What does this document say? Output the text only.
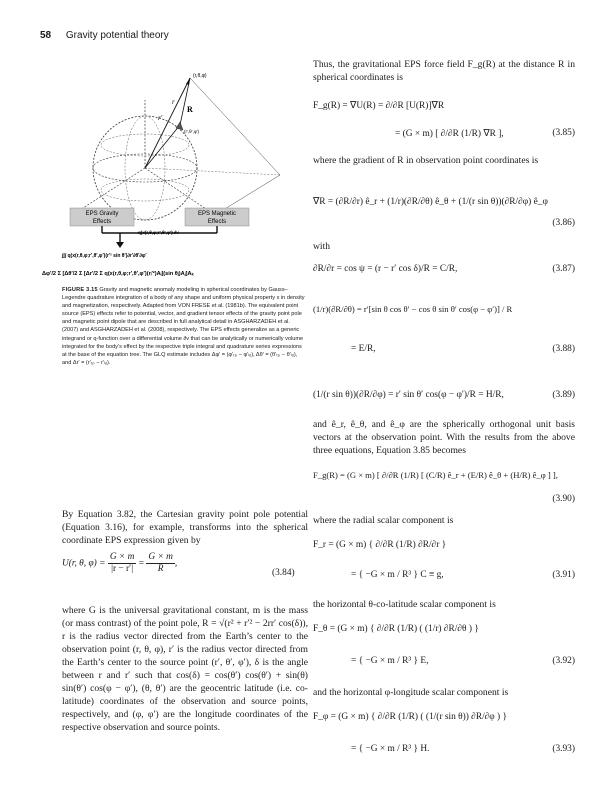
58 Gravity potential theory
(r,θ,φ)
r
r′
R
(r′,θ′,φ′)
EPS Gravity
Effects
EPS Magnetic
Effects
q(x(r,θ,φ;r′,θ′,φ′) ∂v
∫∫∫ q(x(r,θ,φ;r′,θ′,φ′)(r′² sin θ′)∂r′∂θ′∂φ′
Δφ′/2 Σ [Δθ′/2 Σ [Δr′/2 Σ q(x(r,θ,φ;r′,θ′,φ′)(rᵢ′²)Aᵢ](sin θⱼ)Aⱼ]Aₖ
FIGURE 3.15 Gravity and magnetic anomaly modeling in spherical coordinates by Gauss–Legendre quadrature integration of a body of any shape and uniform physical property x in density and magnetization, respectively. Adapted from VON FRESE et al. (1981b). The equivalent point source (EPS) effects refer to potential, vector, and gradient tensor effects of the gravity point pole and magnetic point dipole that are described in full analytical detail in ASGHARZADEH et al. (2007) and ASGHARZADEH et al. (2008), respectively. The EPS effects generalize as a generic integrand or q-function over a differential volume ∂v that can be analytically or numerically volume integrated for the body’s effect by the respective triple integral and quadrature series expressions at the base of the equation tree. The GLQ estimate includes Δφ′ = (φ′ₜₚ − φ′ₗₒ), Δθ′ = (θ′ₜₚ − θ′ₗₒ), and Δr′ = (r′ₜₚ − r′ₗₒ).
By Equation 3.82, the Cartesian gravity point pole potential (Equation 3.16), for example, transforms into the spherical coordinate EPS expression given by
U(r, θ, $\varphi) = \frac{G \times m}{|r - r'|} = \frac{G \times m}{R}$ ,
(3.84)
where G is the universal gravitational constant, m is the mass (or mass contrast) of the point pole, R = √(r² + r′² − 2rr′ cos(δ)), r is the radius vector directed from the Earth’s center to the observation point (r, θ, φ), r′ is the radius vector directed from the Earth’s center to the source point (r′, θ′, φ′), δ is the angle between r and r′ such that cos(δ) = cos(θ′) cos(θ′) + sin(θ) sin(θ′) cos(φ − φ′), (θ, θ′) are the geocentric latitude (i.e. co-latitude) coordinates of the observation and source points, respectively, and (φ, φ′) are the longitude coordinates of the respective observation and source points.
Thus, the gravitational EPS force field F_g(R) at the distance R in spherical coordinates is
F_g(R) = ∇U(R) = ∂/∂R [U(R)]∇R
= (G × m) [ ∂/∂R (1/R) ∇R ],	(3.85)
where the gradient of R in observation point coordinates is
∇R = (∂R/∂r) ê_r + (1/r)(∂R/∂θ) ê_θ + (1/(r sin θ))(∂R/∂φ) ê_φ
(3.86)
with
∂R/∂r = cos ψ = (r − r′ cos δ)/R = C/R,	(3.87)
(1/r)(∂R/∂θ) = r′[sin θ cos θ′ − cos θ sin θ′ cos(φ − φ′)] / R
= E/R,	(3.88)
(1/(r sin θ))(∂R/∂φ) = r′ sin θ′ cos(φ − φ′)/R = H/R,	(3.89)
and ê_r, ê_θ, and ê_φ are the spherically orthogonal unit basis vectors at the observation point. With the results from the above three equations, Equation 3.85 becomes
F_g(R) = (G × m) [ ∂/∂R (1/R) [ (C/R) ê_r + (E/R) ê_θ + (H/R) ê_φ ] ],
(3.90)
where the radial scalar component is
F_r = (G × m) { ∂/∂R (1/R) ∂R/∂r }
= { −G × m / R³ } C ≡ g,	(3.91)
the horizontal θ-co-latitude scalar component is
F_θ = (G × m) { ∂/∂R (1/R) ( (1/r) ∂R/∂θ ) }
= { −G × m / R³ } E,	(3.92)
and the horizontal φ-longitude scalar component is
F_φ = (G × m) { ∂/∂R (1/R) ( (1/(r sin θ)) ∂R/∂φ ) }
= { −G × m / R³ } H.	(3.93)
